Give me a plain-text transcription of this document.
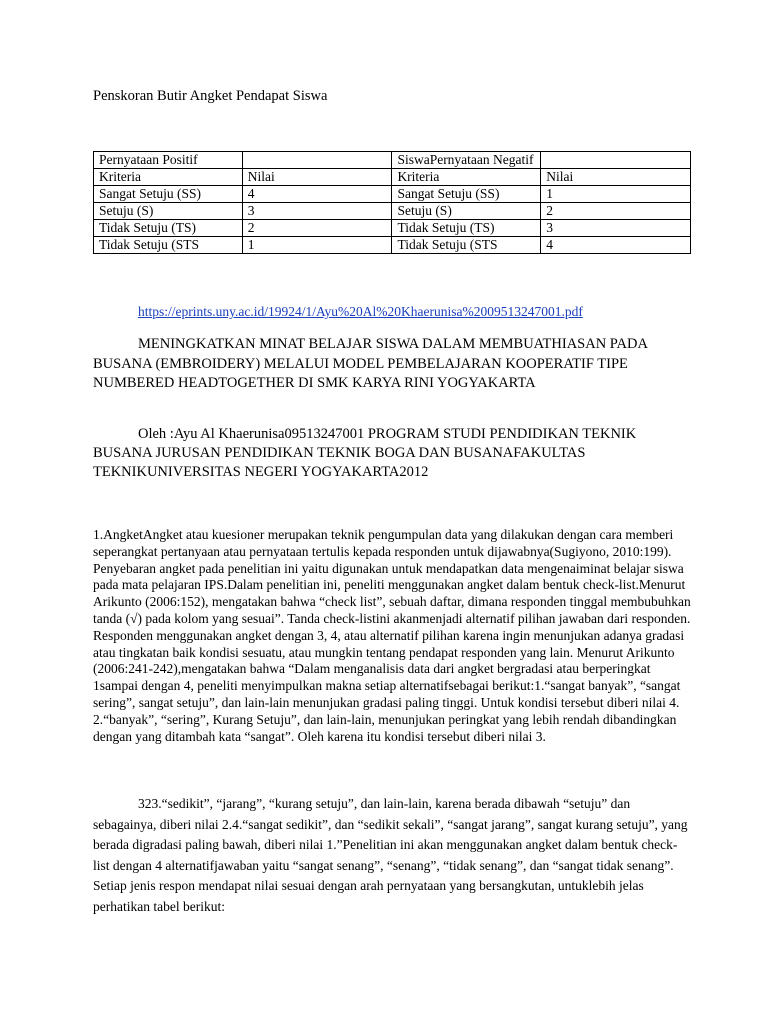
Penskoran Butir Angket Pendapat Siswa
Pernyataan Positif		SiswaPernyataan Negatif	
Kriteria	Nilai	Kriteria	Nilai
Sangat Setuju (SS)	4	Sangat Setuju (SS)	1
Setuju (S)	3	Setuju (S)	2
Tidak Setuju (TS)	2	Tidak Setuju (TS)	3
Tidak Setuju (STS	1	Tidak Setuju (STS	4
https://eprints.uny.ac.id/19924/1/Ayu%20Al%20Khaerunisa%2009513247001.pdf
MENINGKATKAN MINAT BELAJAR SISWA DALAM MEMBUATHIASAN PADA BUSANA (EMBROIDERY) MELALUI MODEL PEMBELAJARAN KOOPERATIF TIPE NUMBERED HEADTOGETHER DI SMK KARYA RINI YOGYAKARTA
Oleh :Ayu Al Khaerunisa09513247001 PROGRAM STUDI PENDIDIKAN TEKNIK BUSANA JURUSAN PENDIDIKAN TEKNIK BOGA DAN BUSANAFAKULTAS TEKNIKUNIVERSITAS NEGERI YOGYAKARTA2012
1.AngketAngket atau kuesioner merupakan teknik pengumpulan data yang dilakukan dengan cara memberi seperangkat pertanyaan atau pernyataan tertulis kepada responden untuk dijawabnya(Sugiyono, 2010:199). Penyebaran angket pada penelitian ini yaitu digunakan untuk mendapatkan data mengenaiminat belajar siswa pada mata pelajaran IPS.Dalam penelitian ini, peneliti menggunakan angket dalam bentuk check-list.Menurut Arikunto (2006:152), mengatakan bahwa “check list”, sebuah daftar, dimana responden tinggal membubuhkan tanda (√) pada kolom yang sesuai”. Tanda check-listini akanmenjadi alternatif pilihan jawaban dari responden. Responden menggunakan angket dengan 3, 4, atau alternatif pilihan karena ingin menunjukan adanya gradasi atau tingkatan baik kondisi sesuatu, atau mungkin tentang pendapat responden yang lain. Menurut Arikunto (2006:241-242),mengatakan bahwa “Dalam menganalisis data dari angket bergradasi atau berperingkat 1sampai dengan 4, peneliti menyimpulkan makna setiap alternatifsebagai berikut:1.“sangat banyak”, “sangat sering”, sangat setuju”, dan lain-lain menunjukan gradasi paling tinggi. Untuk kondisi tersebut diberi nilai 4. 2.“banyak”, “sering”, Kurang Setuju”, dan lain-lain, menunjukan peringkat yang lebih rendah dibandingkan dengan yang ditambah kata “sangat”. Oleh karena itu kondisi tersebut diberi nilai 3.
323.“sedikit”, “jarang”, “kurang setuju”, dan lain-lain, karena berada dibawah “setuju” dan sebagainya, diberi nilai 2.4.“sangat sedikit”, dan “sedikit sekali”, “sangat jarang”, sangat kurang setuju”, yang berada digradasi paling bawah, diberi nilai 1.”Penelitian ini akan menggunakan angket dalam bentuk check-list dengan 4 alternatifjawaban yaitu “sangat senang”, “senang”, “tidak senang”, dan “sangat tidak senang”. Setiap jenis respon mendapat nilai sesuai dengan arah pernyataan yang bersangkutan, untuklebih jelas perhatikan tabel berikut:
